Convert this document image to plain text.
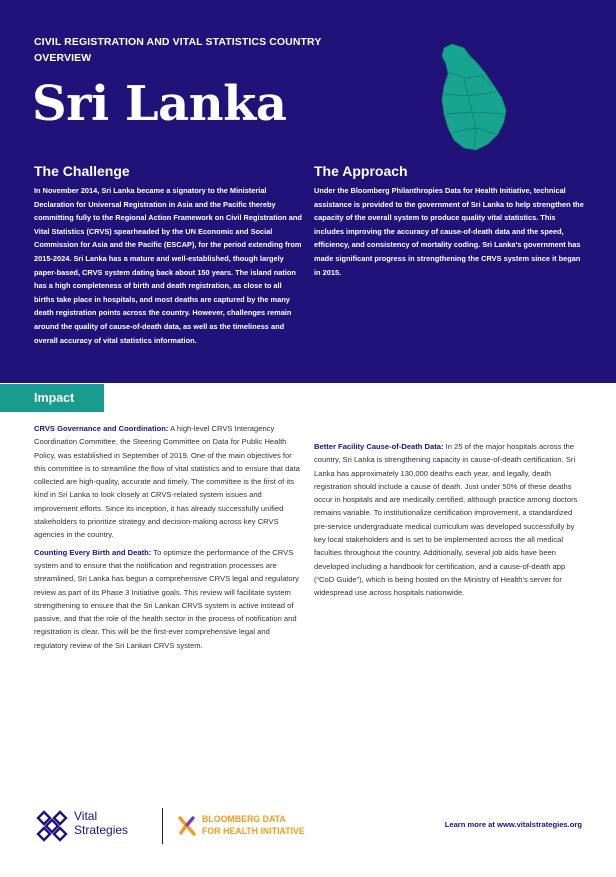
CIVIL REGISTRATION AND VITAL STATISTICS COUNTRY OVERVIEW
Sri Lanka
The Challenge

In November 2014, Sri Lanka became a signatory to the Ministerial Declaration for Universal Registration in Asia and the Pacific thereby committing fully to the Regional Action Framework on Civil Registration and Vital Statistics (CRVS) spearheaded by the UN Economic and Social Commission for Asia and the Pacific (ESCAP), for the period extending from 2015-2024. Sri Lanka has a mature and well-established, though largely paper-based, CRVS system dating back about 150 years. The island nation has a high completeness of birth and death registration, as close to all births take place in hospitals, and most deaths are captured by the many death registration points across the country. However, challenges remain around the quality of cause-of-death data, as well as the timeliness and overall accuracy of vital statistics information.

The Approach

Under the Bloomberg Philanthropies Data for Health Initiative, technical assistance is provided to the government of Sri Lanka to help strengthen the capacity of the overall system to produce quality vital statistics. This includes improving the accuracy of cause-of-death data and the speed, efficiency, and consistency of mortality coding. Sri Lanka's government has made significant progress in strengthening the CRVS system since it began in 2015.

Impact

CRVS Governance and Coordination: A high-level CRVS Interagency Coordination Committee, the Steering Committee on Data for Public Health Policy, was established in September of 2019. One of the main objectives for this committee is to streamline the flow of vital statistics and to ensure that data collected are high-quality, accurate and timely. The committee is the first of its kind in Sri Lanka to look closely at CRVS-related system issues and improvement efforts. Since its inception, it has already successfully unified stakeholders to prioritize strategy and decision-making across key CRVS agencies in the country.

Counting Every Birth and Death: To optimize the performance of the CRVS system and to ensure that the notification and registration processes are streamlined, Sri Lanka has begun a comprehensive CRVS legal and regulatory review as part of its Phase 3 Initiative goals. This review will facilitate system strengthening to ensure that the Sri Lankan CRVS system is active instead of passive, and that the role of the health sector in the process of notification and registration is clear. This will be the first-ever comprehensive legal and regulatory review of the Sri Lankan CRVS system.

Better Facility Cause-of-Death Data: In 25 of the major hospitals across the country, Sri Lanka is strengthening capacity in cause-of-death certification. Sri Lanka has approximately 130,000 deaths each year, and legally, death registration should include a cause of death. Just under 50% of these deaths occur in hospitals and are medically certified, although practice among doctors remains variable. To institutionalize certification improvement, a standardized pre-service undergraduate medical curriculum was developed successfully by key local stakeholders and is set to be implemented across the all medical faculties throughout the country. Additionally, several job aids have been developed including a handbook for certification, and a cause-of-death app (“CoD Guide”), which is being hosted on the Ministry of Health's server for widespread use across hospitals nationwide.

Vital
Strategies
BLOOMBERG DATA
FOR HEALTH INITIATIVE
Learn more at www.vitalstrategies.org
